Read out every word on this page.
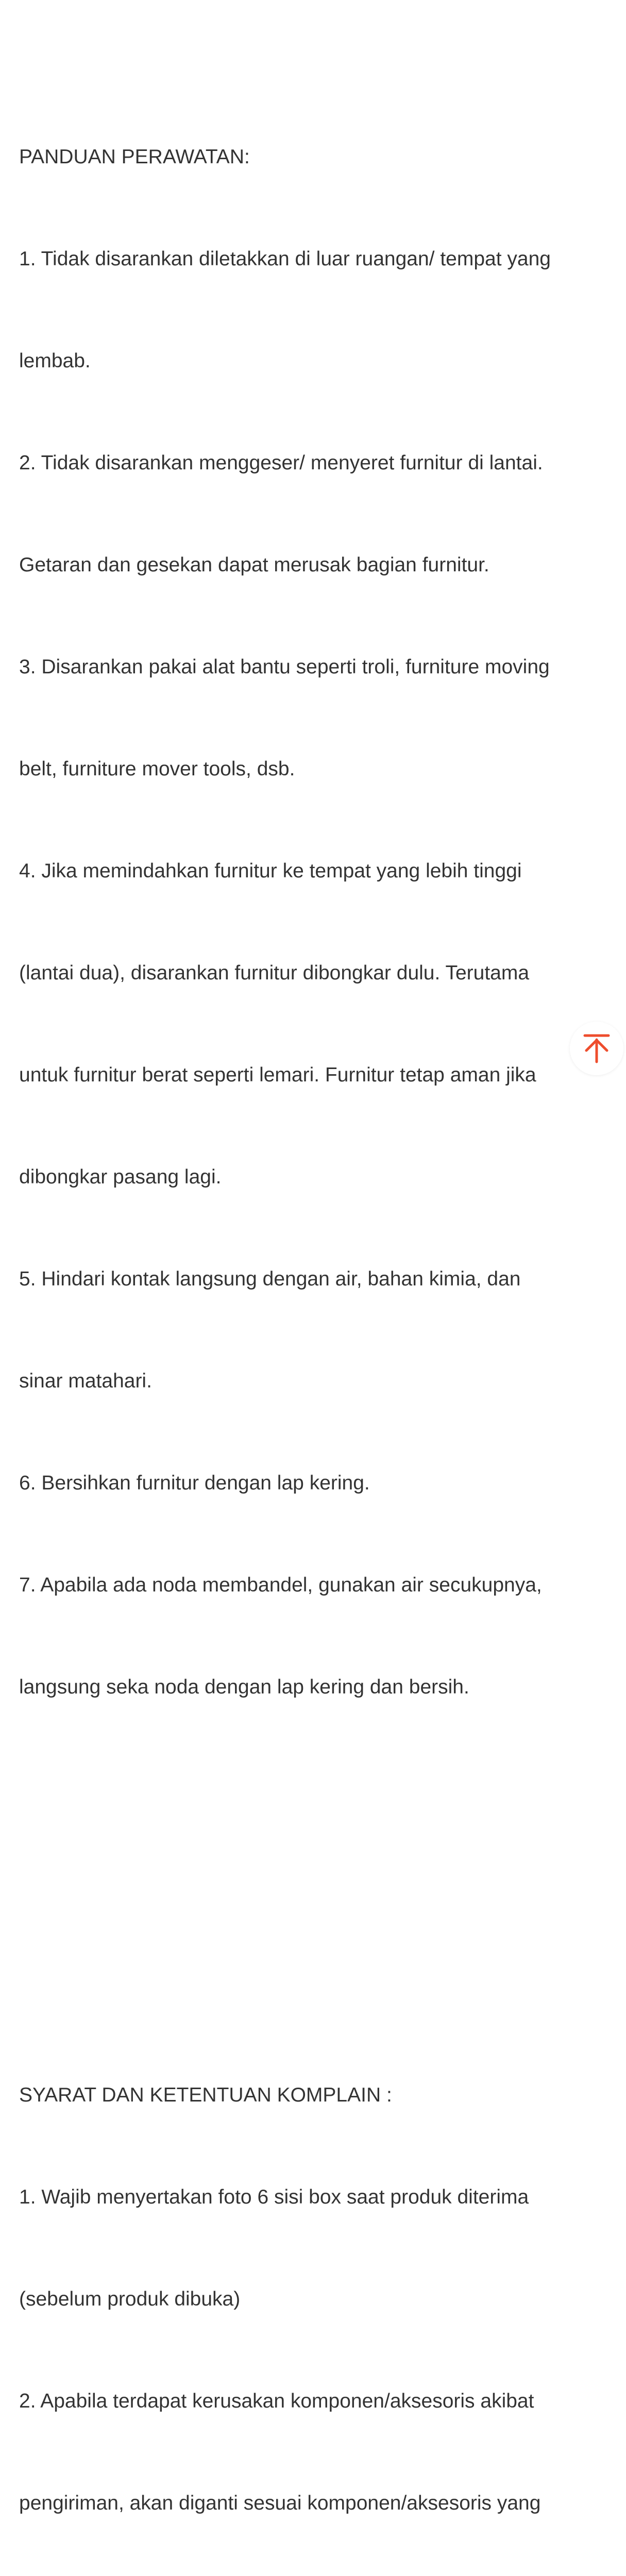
PANDUAN PERAWATAN:

1. Tidak disarankan diletakkan di luar ruangan/ tempat yang

lembab.

2. Tidak disarankan menggeser/ menyeret furnitur di lantai.

Getaran dan gesekan dapat merusak bagian furnitur.

3. Disarankan pakai alat bantu seperti troli, furniture moving

belt, furniture mover tools, dsb.

4. Jika memindahkan furnitur ke tempat yang lebih tinggi

(lantai dua), disarankan furnitur dibongkar dulu. Terutama

untuk furnitur berat seperti lemari. Furnitur tetap aman jika

dibongkar pasang lagi.

5. Hindari kontak langsung dengan air, bahan kimia, dan

sinar matahari.

6. Bersihkan furnitur dengan lap kering.

7. Apabila ada noda membandel, gunakan air secukupnya,

langsung seka noda dengan lap kering dan bersih.

SYARAT DAN KETENTUAN KOMPLAIN :

1. Wajib menyertakan foto 6 sisi box saat produk diterima

(sebelum produk dibuka)

2. Apabila terdapat kerusakan komponen/aksesoris akibat

pengiriman, akan diganti sesuai komponen/aksesoris yang
